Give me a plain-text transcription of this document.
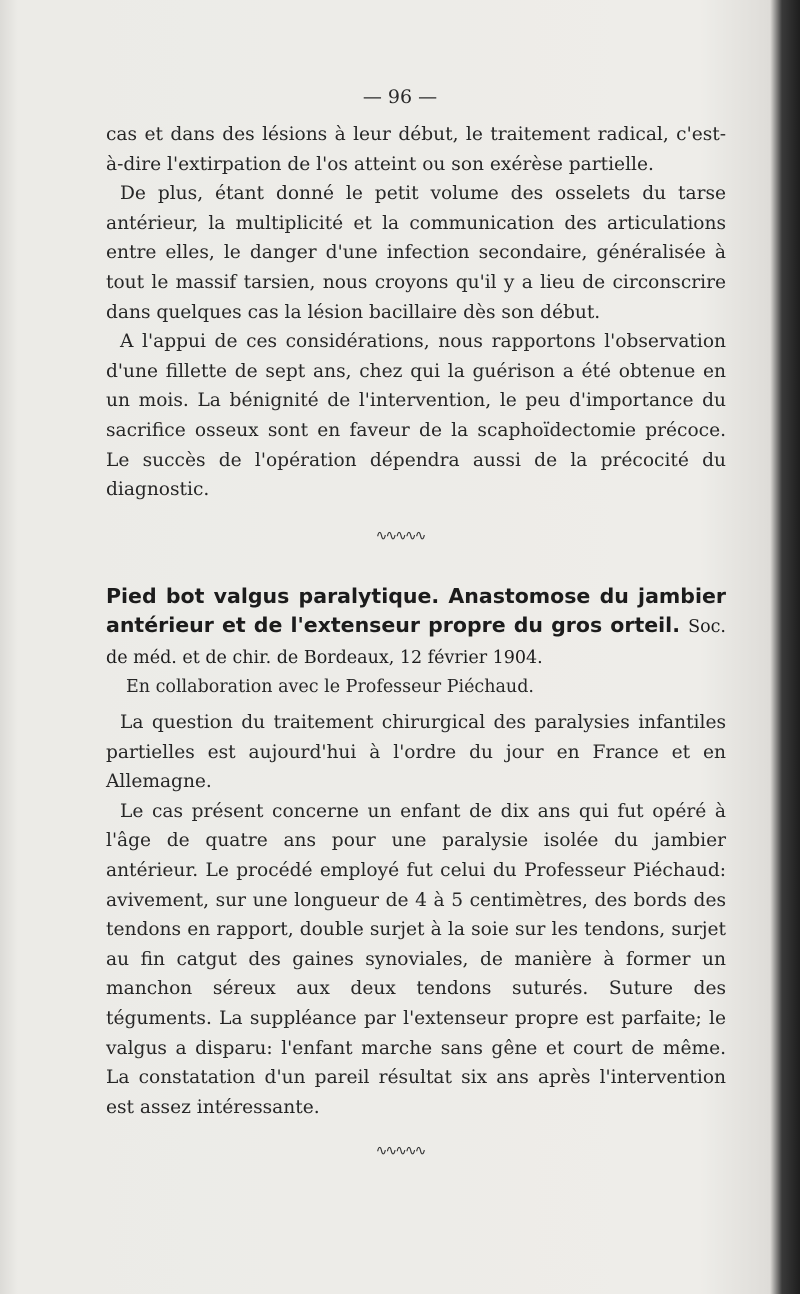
— 96 —

cas et dans des lésions à leur début, le traitement radical, c'est-à-dire l'extirpation de l'os atteint ou son exérèse partielle.

De plus, étant donné le petit volume des osselets du tarse antérieur, la multiplicité et la communication des articulations entre elles, le danger d'une infection secondaire, généralisée à tout le massif tarsien, nous croyons qu'il y a lieu de circonscrire dans quelques cas la lésion bacillaire dès son début.

A l'appui de ces considérations, nous rapportons l'observation d'une fillette de sept ans, chez qui la guérison a été obtenue en un mois. La bénignité de l'intervention, le peu d'importance du sacrifice osseux sont en faveur de la scaphoïdectomie précoce. Le succès de l'opération dépendra aussi de la précocité du diagnostic.

∿∿∿∿∿

Pied bot valgus paralytique. Anastomose du jambier antérieur et de l'extenseur propre du gros orteil. Soc. de méd. et de chir. de Bordeaux, 12 février 1904.

En collaboration avec le Professeur Piéchaud.

La question du traitement chirurgical des paralysies infantiles partielles est aujourd'hui à l'ordre du jour en France et en Allemagne.

Le cas présent concerne un enfant de dix ans qui fut opéré à l'âge de quatre ans pour une paralysie isolée du jambier antérieur. Le procédé employé fut celui du Professeur Piéchaud: avivement, sur une longueur de 4 à 5 centimètres, des bords des tendons en rapport, double surjet à la soie sur les tendons, surjet au fin catgut des gaines synoviales, de manière à former un manchon séreux aux deux tendons suturés. Suture des téguments. La suppléance par l'extenseur propre est parfaite; le valgus a disparu: l'enfant marche sans gêne et court de même. La constatation d'un pareil résultat six ans après l'intervention est assez intéressante.

∿∿∿∿∿
